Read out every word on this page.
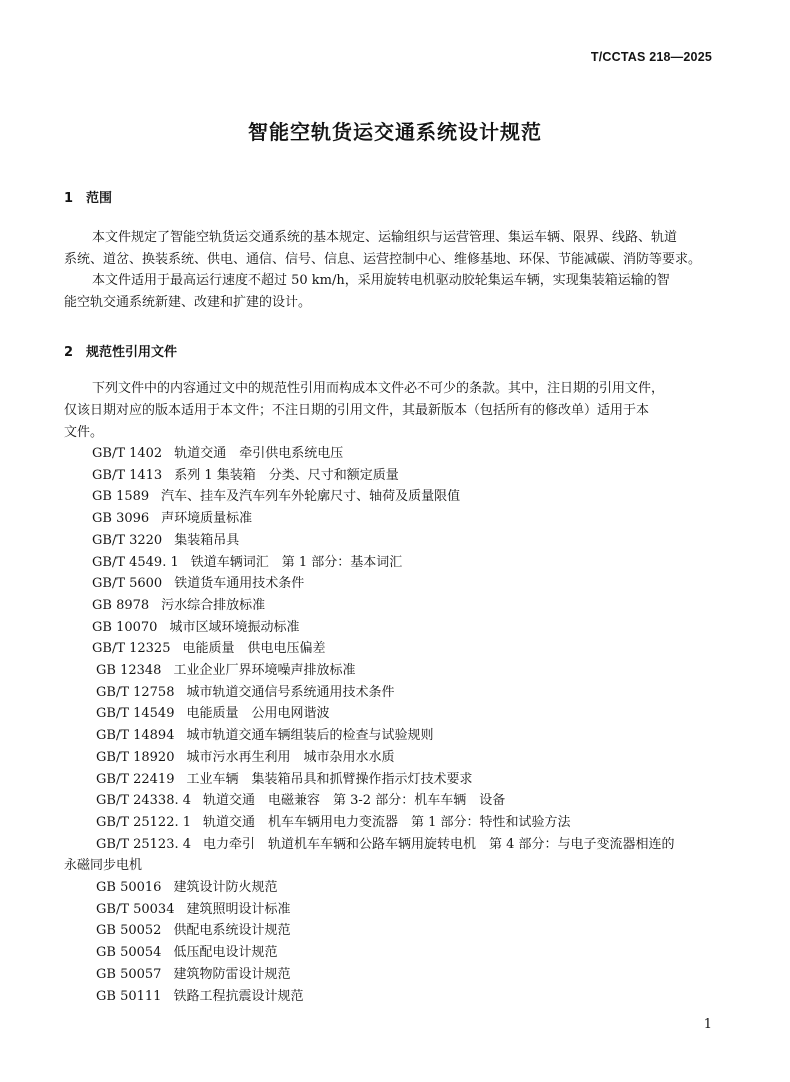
T/CCTAS 218—2025
智能空轨货运交通系统设计规范
1 范围
本文件规定了智能空轨货运交通系统的基本规定、运输组织与运营管理、集运车辆、限界、线路、轨道
系统、道岔、换装系统、供电、通信、信号、信息、运营控制中心、维修基地、环保、节能减碳、消防等要求。
本文件适用于最高运行速度不超过 50 km/h，采用旋转电机驱动胶轮集运车辆，实现集装箱运输的智
能空轨交通系统新建、改建和扩建的设计。
2 规范性引用文件
下列文件中的内容通过文中的规范性引用而构成本文件必不可少的条款。其中，注日期的引用文件，
仅该日期对应的版本适用于本文件；不注日期的引用文件，其最新版本（包括所有的修改单）适用于本
文件。
GB/T 1402 轨道交通　牵引供电系统电压
GB/T 1413 系列 1 集装箱　分类、尺寸和额定质量
GB 1589 汽车、挂车及汽车列车外轮廓尺寸、轴荷及质量限值
GB 3096 声环境质量标准
GB/T 3220 集装箱吊具
GB/T 4549. 1 铁道车辆词汇　第 1 部分：基本词汇
GB/T 5600 铁道货车通用技术条件
GB 8978 污水综合排放标准
GB 10070 城市区域环境振动标准
GB/T 12325 电能质量　供电电压偏差
GB 12348 工业企业厂界环境噪声排放标准
GB/T 12758 城市轨道交通信号系统通用技术条件
GB/T 14549 电能质量　公用电网谐波
GB/T 14894 城市轨道交通车辆组装后的检查与试验规则
GB/T 18920 城市污水再生利用　城市杂用水水质
GB/T 22419 工业车辆　集装箱吊具和抓臂操作指示灯技术要求
GB/T 24338. 4 轨道交通　电磁兼容　第 3-2 部分：机车车辆　设备
GB/T 25122. 1 轨道交通　机车车辆用电力变流器　第 1 部分：特性和试验方法
GB/T 25123. 4 电力牵引　轨道机车车辆和公路车辆用旋转电机　第 4 部分：与电子变流器相连的
永磁同步电机
GB 50016 建筑设计防火规范
GB/T 50034 建筑照明设计标准
GB 50052 供配电系统设计规范
GB 50054 低压配电设计规范
GB 50057 建筑物防雷设计规范
GB 50111 铁路工程抗震设计规范
1
